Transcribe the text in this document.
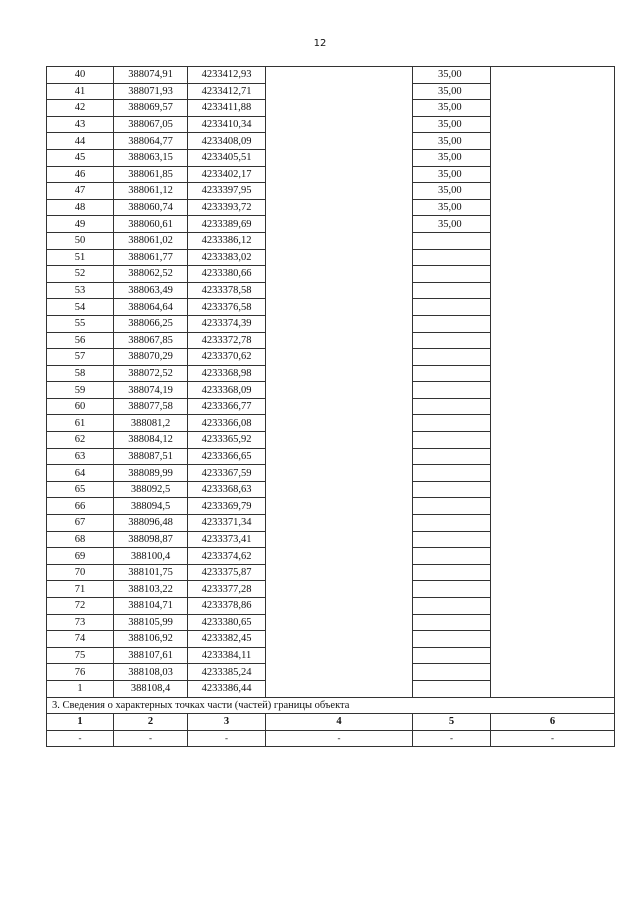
12
40	388074,91	4233412,93		35,00	
41	388071,93	4233412,71		35,00	
42	388069,57	4233411,88		35,00	
43	388067,05	4233410,34		35,00	
44	388064,77	4233408,09		35,00	
45	388063,15	4233405,51		35,00	
46	388061,85	4233402,17		35,00	
47	388061,12	4233397,95		35,00	
48	388060,74	4233393,72		35,00	
49	388060,61	4233389,69		35,00	
50	388061,02	4233386,12			
51	388061,77	4233383,02			
52	388062,52	4233380,66			
53	388063,49	4233378,58			
54	388064,64	4233376,58			
55	388066,25	4233374,39			
56	388067,85	4233372,78			
57	388070,29	4233370,62			
58	388072,52	4233368,98			
59	388074,19	4233368,09			
60	388077,58	4233366,77			
61	388081,2	4233366,08			
62	388084,12	4233365,92			
63	388087,51	4233366,65			
64	388089,99	4233367,59			
65	388092,5	4233368,63			
66	388094,5	4233369,79			
67	388096,48	4233371,34			
68	388098,87	4233373,41			
69	388100,4	4233374,62			
70	388101,75	4233375,87			
71	388103,22	4233377,28			
72	388104,71	4233378,86			
73	388105,99	4233380,65			
74	388106,92	4233382,45			
75	388107,61	4233384,11			
76	388108,03	4233385,24			
1	388108,4	4233386,44			
3. Сведения о характерных точках части (частей) границы объекта					
1	2	3	4	5	6
-	-	-	-	-	-
